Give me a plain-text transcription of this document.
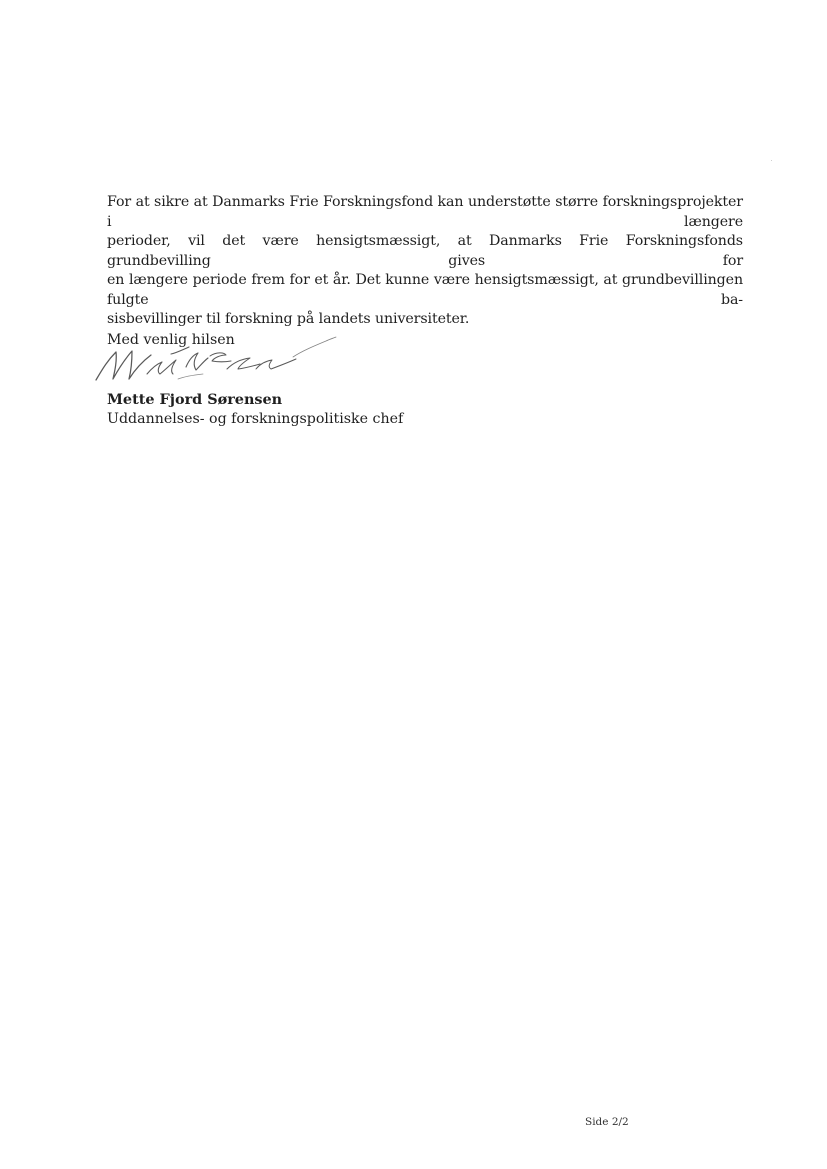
For at sikre at Danmarks Frie Forskningsfond kan understøtte større forskningsprojekter i længere
perioder, vil det være hensigtsmæssigt, at Danmarks Frie Forskningsfonds grundbevilling gives for
en længere periode frem for et år. Det kunne være hensigtsmæssigt, at grundbevillingen fulgte ba-
sisbevillinger til forskning på landets universiteter.
Med venlig hilsen
Mette Fjord Sørensen
Uddannelses- og forskningspolitiske chef
Side 2/2
